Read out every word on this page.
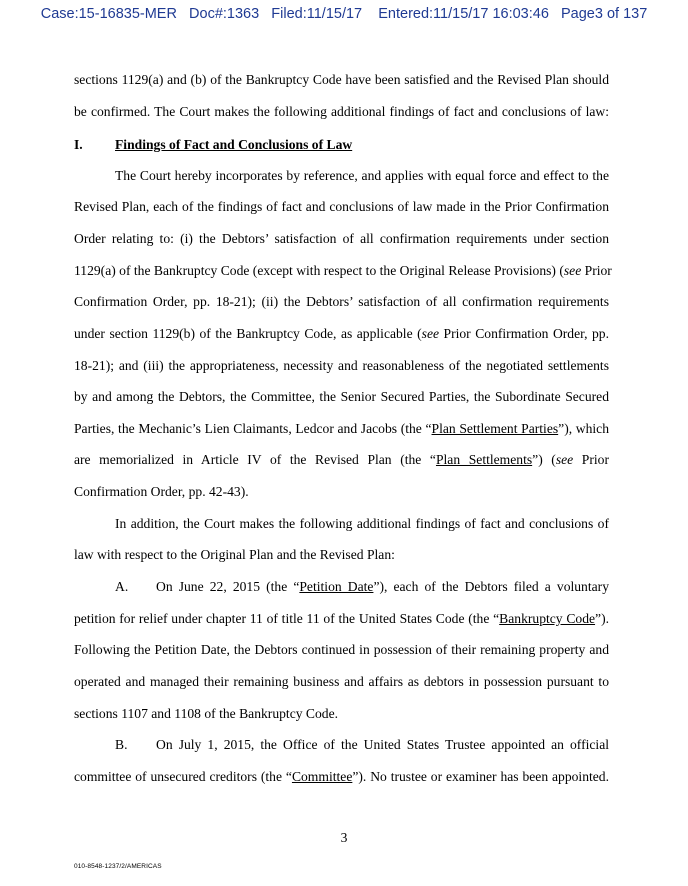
Case:15-16835-MER Doc#:1363 Filed:11/15/17 Entered:11/15/17 16:03:46 Page3 of 137
sections 1129(a) and (b) of the Bankruptcy Code have been satisfied and the Revised Plan should
be confirmed. The Court makes the following additional findings of fact and conclusions of law:
I. Findings of Fact and Conclusions of Law
The Court hereby incorporates by reference, and applies with equal force and effect to the
Revised Plan, each of the findings of fact and conclusions of law made in the Prior Confirmation
Order relating to: (i) the Debtors’ satisfaction of all confirmation requirements under section
1129(a) of the Bankruptcy Code (except with respect to the Original Release Provisions) (see Prior
Confirmation Order, pp. 18-21); (ii) the Debtors’ satisfaction of all confirmation requirements
under section 1129(b) of the Bankruptcy Code, as applicable (see Prior Confirmation Order, pp.
18-21); and (iii) the appropriateness, necessity and reasonableness of the negotiated settlements
by and among the Debtors, the Committee, the Senior Secured Parties, the Subordinate Secured
Parties, the Mechanic’s Lien Claimants, Ledcor and Jacobs (the “Plan Settlement Parties”), which
are memorialized in Article IV of the Revised Plan (the “Plan Settlements”) (see Prior
Confirmation Order, pp. 42-43).
In addition, the Court makes the following additional findings of fact and conclusions of
law with respect to the Original Plan and the Revised Plan:
A. On June 22, 2015 (the “Petition Date”), each of the Debtors filed a voluntary
petition for relief under chapter 11 of title 11 of the United States Code (the “Bankruptcy Code”).
Following the Petition Date, the Debtors continued in possession of their remaining property and
operated and managed their remaining business and affairs as debtors in possession pursuant to
sections 1107 and 1108 of the Bankruptcy Code.
B. On July 1, 2015, the Office of the United States Trustee appointed an official
committee of unsecured creditors (the “Committee”). No trustee or examiner has been appointed.
3
010-8548-1237/2/AMERICAS
